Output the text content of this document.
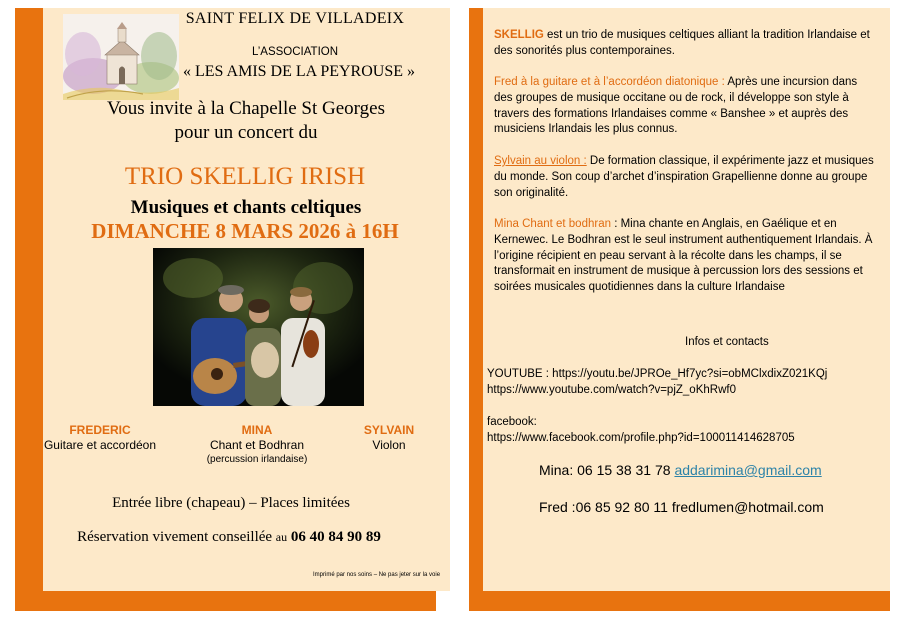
SAINT FELIX DE VILLADEIX
L’ASSOCIATION
« LES AMIS DE LA PEYROUSE »
Vous invite à la Chapelle St Georges
pour un concert du
TRIO SKELLIG IRISH
Musiques et chants celtiques
DIMANCHE 8 MARS 2026 à 16H
FREDERIC
Guitare et accordéon
MINA
Chant et Bodhran
(percussion irlandaise)
SYLVAIN
Violon
Entrée libre (chapeau) – Places limitées
Réservation vivement conseillée au 06 40 84 90 89
Imprimé par nos soins – Ne pas jeter sur la voie
SKELLIG est un trio de musiques celtiques alliant la tradition Irlandaise et des sonorités plus contemporaines.
Fred à la guitare et à l’accordéon diatonique : Après une incursion dans des groupes de musique occitane ou de rock, il développe son style à travers des formations Irlandaises comme « Banshee » et auprès des musiciens Irlandais les plus connus.
Sylvain au violon : De formation classique, il expérimente jazz et musiques du monde. Son coup d’archet d’inspiration Grapellienne donne au groupe son originalité.
Mina Chant et bodhran : Mina chante en Anglais, en Gaélique et en Kernewec. Le Bodhran est le seul instrument authentiquement Irlandais. À l’origine récipient en peau servant à la récolte dans les champs, il se transformait en instrument de musique à percussion lors des sessions et soirées musicales quotidiennes dans la culture Irlandaise
Infos et contacts
YOUTUBE : https://youtu.be/JPROe_Hf7yc?si=obMClxdixZ021KQj
https://www.youtube.com/watch?v=pjZ_oKhRwf0
facebook:
https://www.facebook.com/profile.php?id=100011414628705
Mina: 06 15 38 31 78 addarimina@gmail.com
Fred :06 85 92 80 11 fredlumen@hotmail.com
